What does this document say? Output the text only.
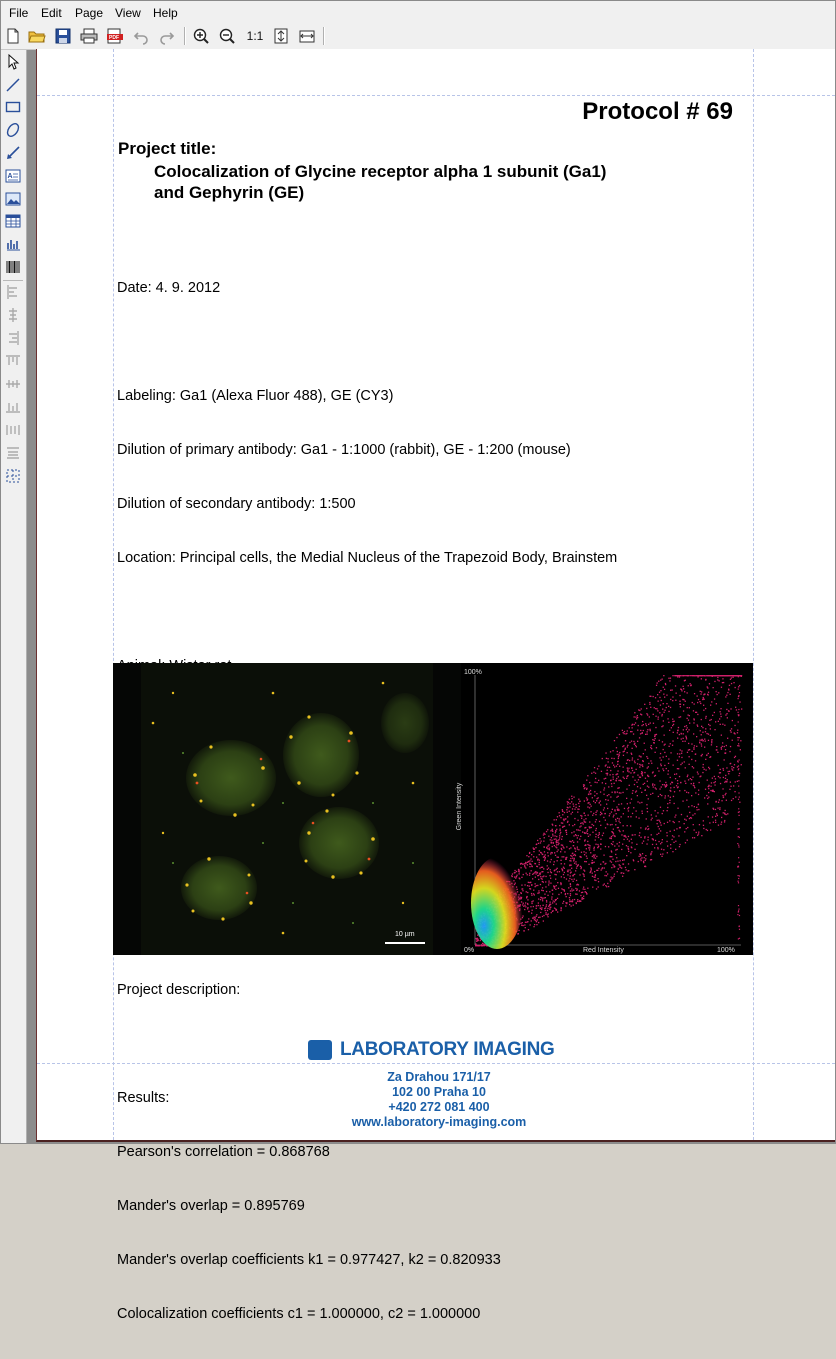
File Edit Page View Help
PDF	1:1
A
Protocol # 69
Project title:
Colocalization of Glycine receptor alpha 1 subunit (Ga1)
and Gephyrin (GE)

Date: 4. 9. 2012

Labeling: Ga1 (Alexa Fluor 488), GE (CY3)

Dilution of primary antibody: Ga1 - 1:1000 (rabbit), GE - 1:200 (mouse)

Dilution of secondary antibody: 1:500

Location: Principal cells, the Medial Nucleus of the Trapezoid Body, Brainstem

Project description:

Results:

Pearson's correlation = 0.868768

Mander's overlap = 0.895769

Mander's overlap coefficients k1 = 0.977427, k2 = 0.820933

Colocalization coefficients c1 = 1.000000, c2 = 1.000000

10 µm
100%
Green Intensity
0%	Red Intensity	100%
LABORATORY IMAGING
Za Drahou 171/17
102 00 Praha 10
+420 272 081 400
www.laboratory-imaging.com
